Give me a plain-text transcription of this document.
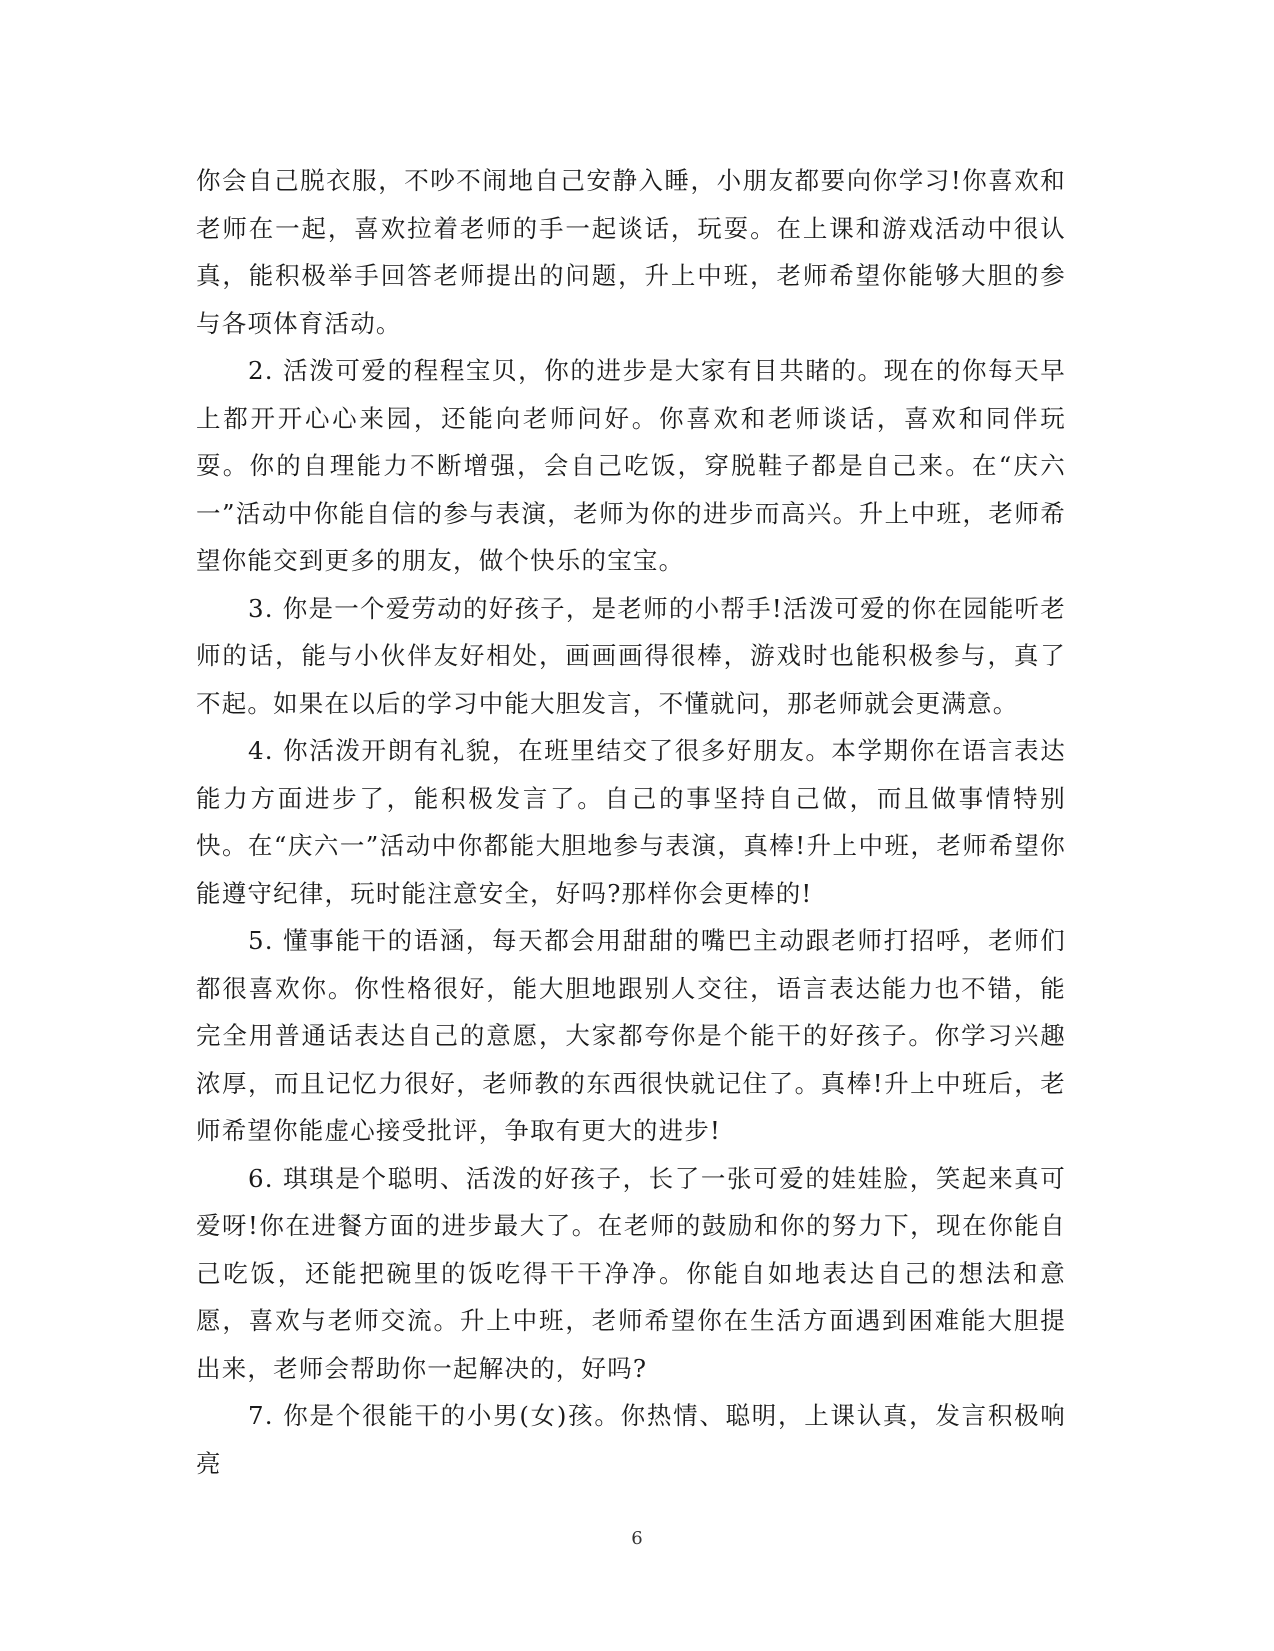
你会自己脱衣服，不吵不闹地自己安静入睡，小朋友都要向你学习!你喜欢和老师在一起，喜欢拉着老师的手一起谈话，玩耍。在上课和游戏活动中很认真，能积极举手回答老师提出的问题，升上中班，老师希望你能够大胆的参与各项体育活动。

2. 活泼可爱的程程宝贝，你的进步是大家有目共睹的。现在的你每天早上都开开心心来园，还能向老师问好。你喜欢和老师谈话，喜欢和同伴玩耍。你的自理能力不断增强，会自己吃饭，穿脱鞋子都是自己来。在“庆六一”活动中你能自信的参与表演，老师为你的进步而高兴。升上中班，老师希望你能交到更多的朋友，做个快乐的宝宝。

3. 你是一个爱劳动的好孩子，是老师的小帮手!活泼可爱的你在园能听老师的话，能与小伙伴友好相处，画画画得很棒，游戏时也能积极参与，真了不起。如果在以后的学习中能大胆发言，不懂就问，那老师就会更满意。

4. 你活泼开朗有礼貌，在班里结交了很多好朋友。本学期你在语言表达能力方面进步了，能积极发言了。自己的事坚持自己做，而且做事情特别快。在“庆六一”活动中你都能大胆地参与表演，真棒!升上中班，老师希望你能遵守纪律，玩时能注意安全，好吗?那样你会更棒的!

5. 懂事能干的语涵，每天都会用甜甜的嘴巴主动跟老师打招呼，老师们都很喜欢你。你性格很好，能大胆地跟别人交往，语言表达能力也不错，能完全用普通话表达自己的意愿，大家都夸你是个能干的好孩子。你学习兴趣浓厚，而且记忆力很好，老师教的东西很快就记住了。真棒!升上中班后，老师希望你能虚心接受批评，争取有更大的进步!

6. 琪琪是个聪明、活泼的好孩子，长了一张可爱的娃娃脸，笑起来真可爱呀!你在进餐方面的进步最大了。在老师的鼓励和你的努力下，现在你能自己吃饭，还能把碗里的饭吃得干干净净。你能自如地表达自己的想法和意愿，喜欢与老师交流。升上中班，老师希望你在生活方面遇到困难能大胆提出来，老师会帮助你一起解决的，好吗?

7. 你是个很能干的小男(女)孩。你热情、聪明，上课认真，发言积极响亮

6
